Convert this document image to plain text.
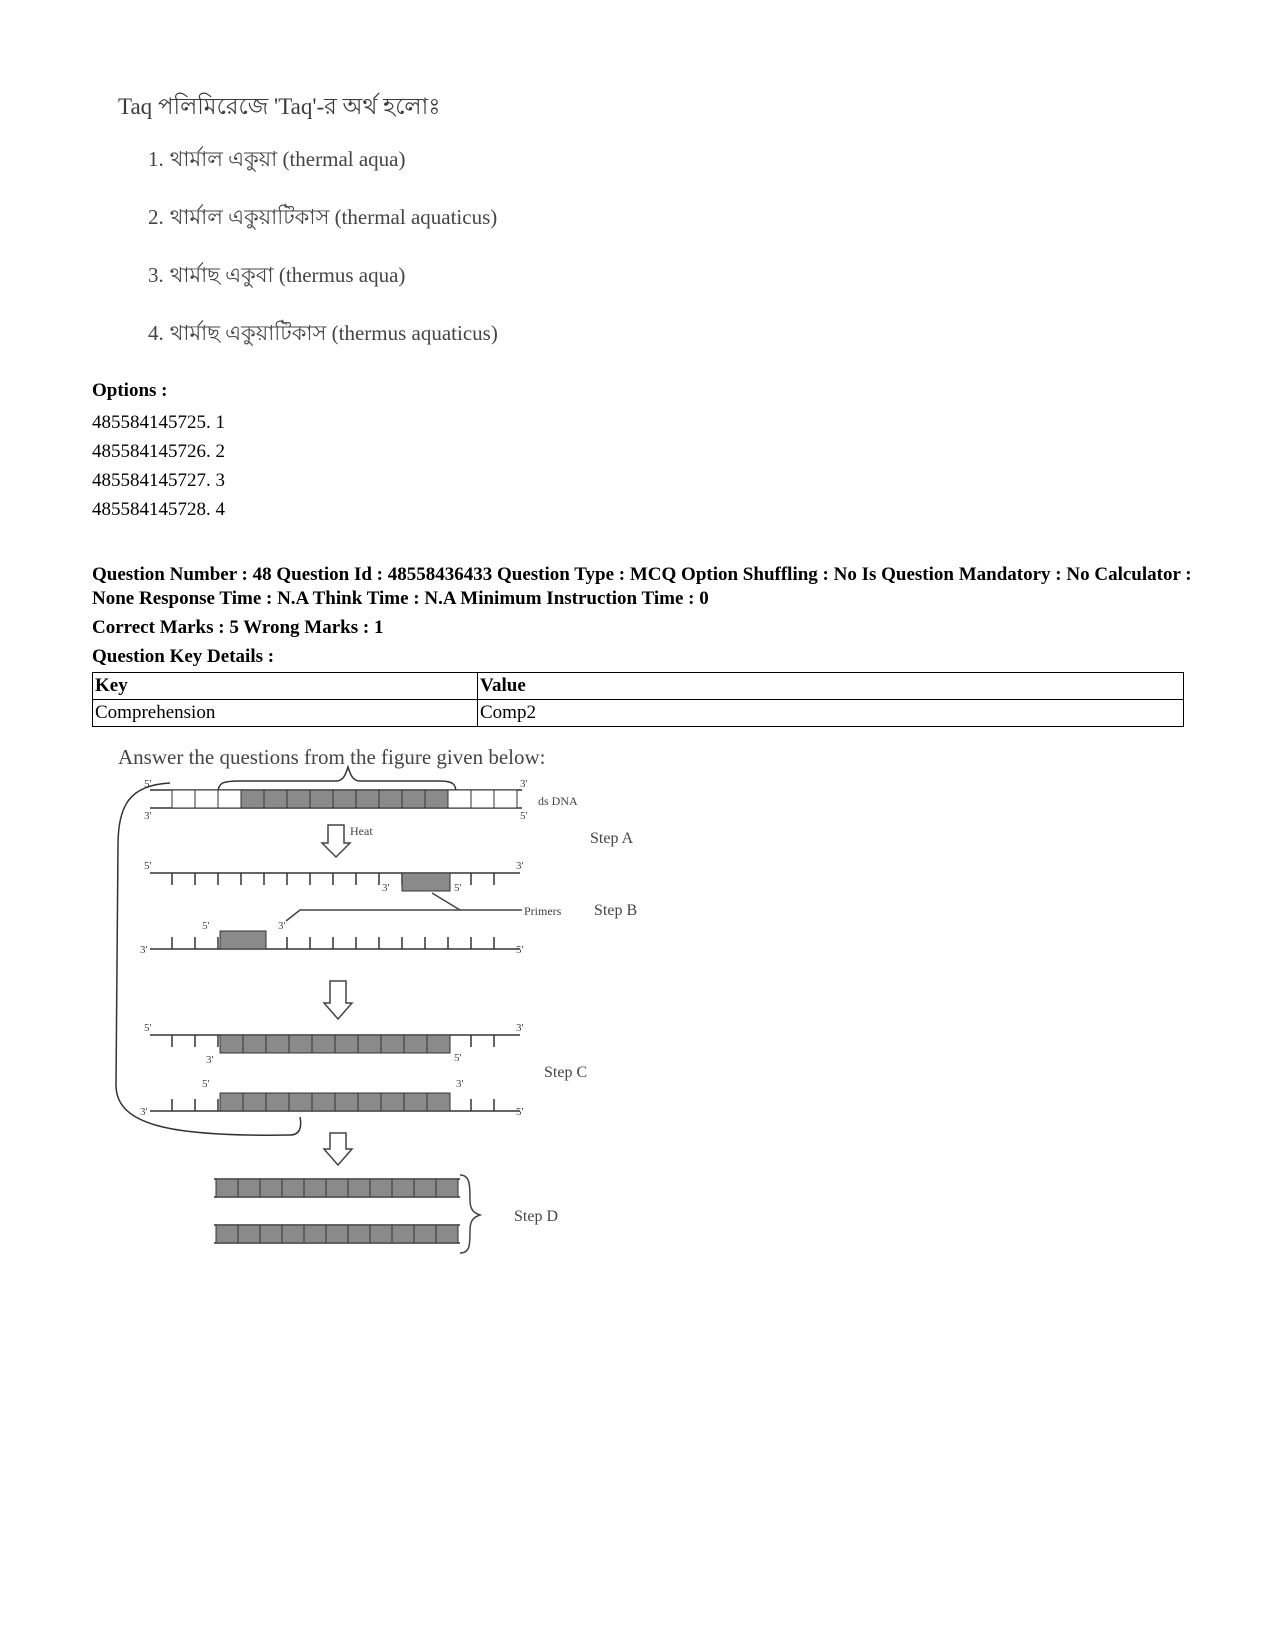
Taq পলিমিরেজে 'Taq'-র অর্থ হলোঃ
1. থার্মাল একুয়া (thermal aqua)
2. থার্মাল একুয়াটিকাস (thermal aquaticus)
3. থার্মাছ একুবা (thermus aqua)
4. থার্মাছ একুয়াটিকাস (thermus aquaticus)
Options :
485584145725. 1
485584145726. 2
485584145727. 3
485584145728. 4
Question Number : 48 Question Id : 48558436433 Question Type : MCQ Option Shuffling : No Is Question Mandatory : No Calculator : None Response Time : N.A Think Time : N.A Minimum Instruction Time : 0
Correct Marks : 5 Wrong Marks : 1
Question Key Details :
Key	Value
Comprehension	Comp2
Answer the questions from the figure given below:
5'	3'
3'	5'
5'	3'
3'	5'
5'	3'
3'	5'
5'	3'
3'	5'
5'	3'
3'	5'
ds DNA
Heat	Step A
Primers Step B
Step C
Step D
